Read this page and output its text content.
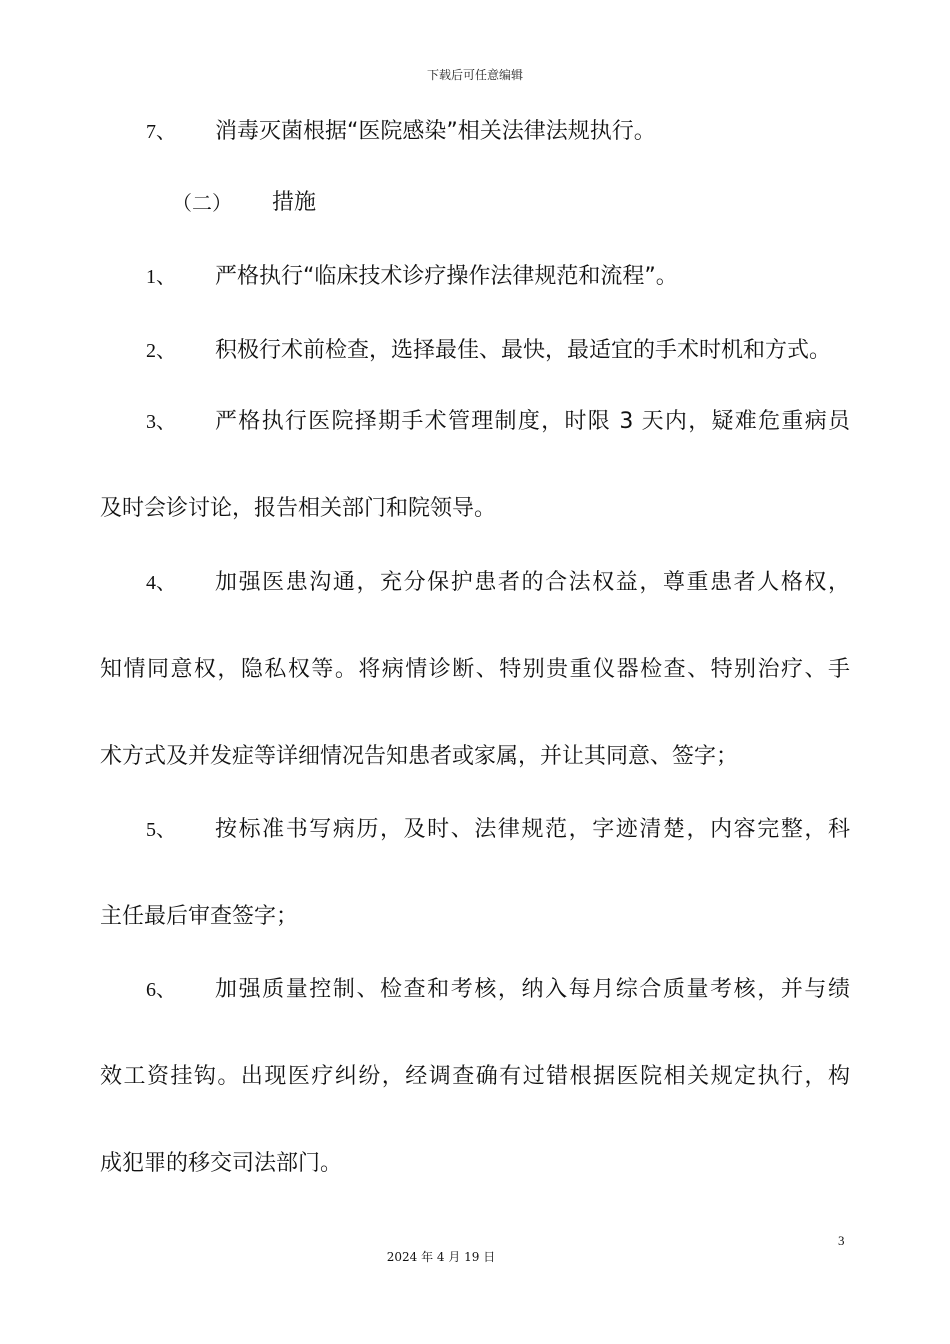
下载后可任意编辑
7、 消毒灭菌根据“医院感染”相关法律法规执行。
（二） 措施
1、 严格执行“临床技术诊疗操作法律规范和流程”。
2、 积极行术前检查，选择最佳、最快，最适宜的手术时机和方式。
3、 严格执行医院择期手术管理制度，时限 3 天内，疑难危重病员
及时会诊讨论，报告相关部门和院领导。
4、 加强医患沟通，充分保护患者的合法权益，尊重患者人格权，
知情同意权，隐私权等。将病情诊断、特别贵重仪器检查、特别治疗、手
术方式及并发症等详细情况告知患者或家属，并让其同意、签字；
5、 按标准书写病历，及时、法律规范，字迹清楚，内容完整，科
主任最后审查签字；
6、 加强质量控制、检查和考核，纳入每月综合质量考核，并与绩
效工资挂钩。出现医疗纠纷，经调查确有过错根据医院相关规定执行，构
成犯罪的移交司法部门。
3
2024 年 4 月 19 日
